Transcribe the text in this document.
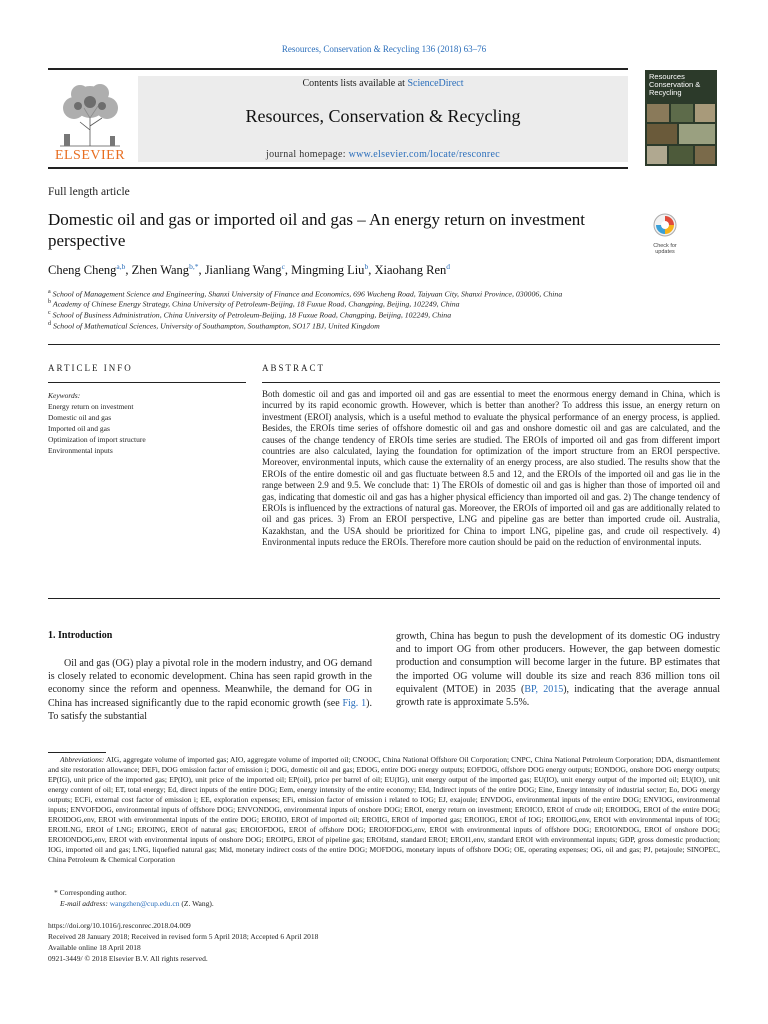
Resources, Conservation & Recycling 136 (2018) 63–76
ELSEVIER
Contents lists available at ScienceDirect
Resources, Conservation & Recycling
journal homepage: www.elsevier.com/locate/resconrec
Resources Conservation & Recycling
Full length article
Domestic oil and gas or imported oil and gas – An energy return on investment perspective	Check for updates
Cheng Cheng$^{a,b}$, Zhen Wang$^{b,*}$, Jianliang Wang$^c$, Mingming Liu$^b$, Xiaohang Ren$^d$
$^a$ School of Management Science and Engineering, Shanxi University of Finance and Economics, 696 Wucheng Road, Taiyuan City, Shanxi Province, 030006, China
$^b$ Academy of Chinese Energy Strategy, China University of Petroleum-Beijing, 18 Fuxue Road, Changping, Beijing, 102249, China
$^c$ School of Business Administration, China University of Petroleum-Beijing, 18 Fuxue Road, Changping, Beijing, 102249, China
$^d$ School of Mathematical Sciences, University of Southampton, Southampton, SO17 1BJ, United Kingdom
ARTICLE INFO	ABSTRACT
Keywords:
Energy return on investment
Domestic oil and gas
Imported oil and gas
Optimization of import structure
Environmental inputs
Both domestic oil and gas and imported oil and gas are essential to meet the enormous energy demand in China, which is incurred by its rapid economic growth. However, which is better than another? To address this issue, an energy return on investment (EROI) analysis, which is a useful method to evaluate the physical performance of an energy process, is applied. Besides, the EROIs time series of offshore domestic oil and gas and onshore domestic oil and gas are calculated, and the causes of the change tendency of EROIs time series are studied. The EROIs of imported oil and gas from different import countries are also calculated, laying the foundation for optimization of the import structure from an EROI perspective. Moreover, environmental inputs, which cause the externality of an energy process, are also studied. The results show that the EROIs of the entire domestic oil and gas fluctuate between 8.5 and 12, and the EROIs of the imported oil and gas lie in the range between 2.9 and 9.5. We conclude that: 1) The EROIs of domestic oil and gas is higher than those of imported oil and gas, indicating that domestic oil and gas has a higher physical efficiency than imported oil and gas. 2) The change tendency of EROIs is influenced by the extractions of natural gas. Moreover, the EROIs of imported oil and gas are additionally related to oil and gas prices. 3) From an EROI perspective, LNG and pipeline gas are better than imported crude oil. Australia, Kazakhstan, and the USA should be prioritized for China to import LNG, pipeline gas, and crude oil respectively. 4) Environmental inputs reduce the EROIs. Therefore more caution should be paid on the reduction of environmental inputs.
1. Introduction
Oil and gas (OG) play a pivotal role in the modern industry, and OG demand is closely related to economic development. China has seen rapid growth in the economy since the reform and openness. Meanwhile, the demand for OG in China has increased significantly due to the rapid economic growth (see Fig. 1). To satisfy the substantial
growth, China has begun to push the development of its domestic OG industry and to import OG from other producers. However, the gap between domestic production and consumption will become larger in the future. BP estimates that the imported OG volume will double its size and reach 836 million tons oil equivalent (MTOE) in 2035 (BP, 2015), indicating that the average annual growth rate is approximate 5.5%.
Abbreviations: AIG, aggregate volume of imported gas; AIO, aggregate volume of imported oil; CNOOC, China National Offshore Oil Corporation; CNPC, China National Petroleum Corporation; DDA, dismantlement and site restoration allowance; DEFi, DOG emission factor of emission i; DOG, domestic oil and gas; EDOG, entire DOG energy outputs; EOFDOG, offshore DOG energy outputs; EONDOG, onshore DOG energy outputs; EP(IG), unit price of the imported gas; EP(IO), unit price of the imported oil; EP(oil), price per barrel of oil; EU(IG), unit energy output of the imported gas; EU(IO), unit energy output of the imported oil; EU(IO), unit energy content of oil; ET, total energy; Ed, direct inputs of the entire DOG; Eem, energy intensity of the entire economy; EId, Indirect inputs of the entire DOG; Eine, Energy intensity of industrial sector; Eo, DOG energy outputs; ECFi, external cost factor of emission i; EE, exploration expenses; EFi, emission factor of emission i related to IOG; EJ, exajoule; ENVDOG, environmental inputs of the entire DOG; ENVIOG, environmental inputs; ENVOFDOG, environmental inputs of offshore DOG; ENVONDOG, environmental inputs of onshore DOG; EROI, energy return on investment; EROICO, EROI of crude oil; EROIDOG, EROI of the entire DOG; EROIDOG,env, EROI with environmental inputs of the entire DOG; EROIIO, EROI of imported oil; EROIIG, EROI of imported gas; EROIIOG, EROI of IOG; EROIIOG,env, EROI with environmental inputs of IOG; EROILNG, EROI of LNG; EROING, EROI of natural gas; EROIOFDOG, EROI of offshore DOG; EROIOFDOG,env, EROI with environmental inputs of offshore DOG; EROIONDOG, EROI of onshore DOG; EROIONDOG,env, EROI with environmental inputs of onshore DOG; EROIPG, EROI of pipeline gas; EROIstnd, standard EROI; EROI1,env, standard EROI with environmental inputs; GDP, gross domestic production; IOG, imported oil and gas; LNG, liquefied natural gas; Mid, monetary indirect costs of the entire DOG; MOFDOG, monetary inputs of offshore DOG; OE, operating expenses; OG, oil and gas; PJ, petajoule; SINOPEC, China Petroleum & Chemical Corporation
* Corresponding author.
E-mail address: wangzhen@cup.edu.cn (Z. Wang).
https://doi.org/10.1016/j.resconrec.2018.04.009
Received 28 January 2018; Received in revised form 5 April 2018; Accepted 6 April 2018
Available online 18 April 2018
0921-3449/ © 2018 Elsevier B.V. All rights reserved.
